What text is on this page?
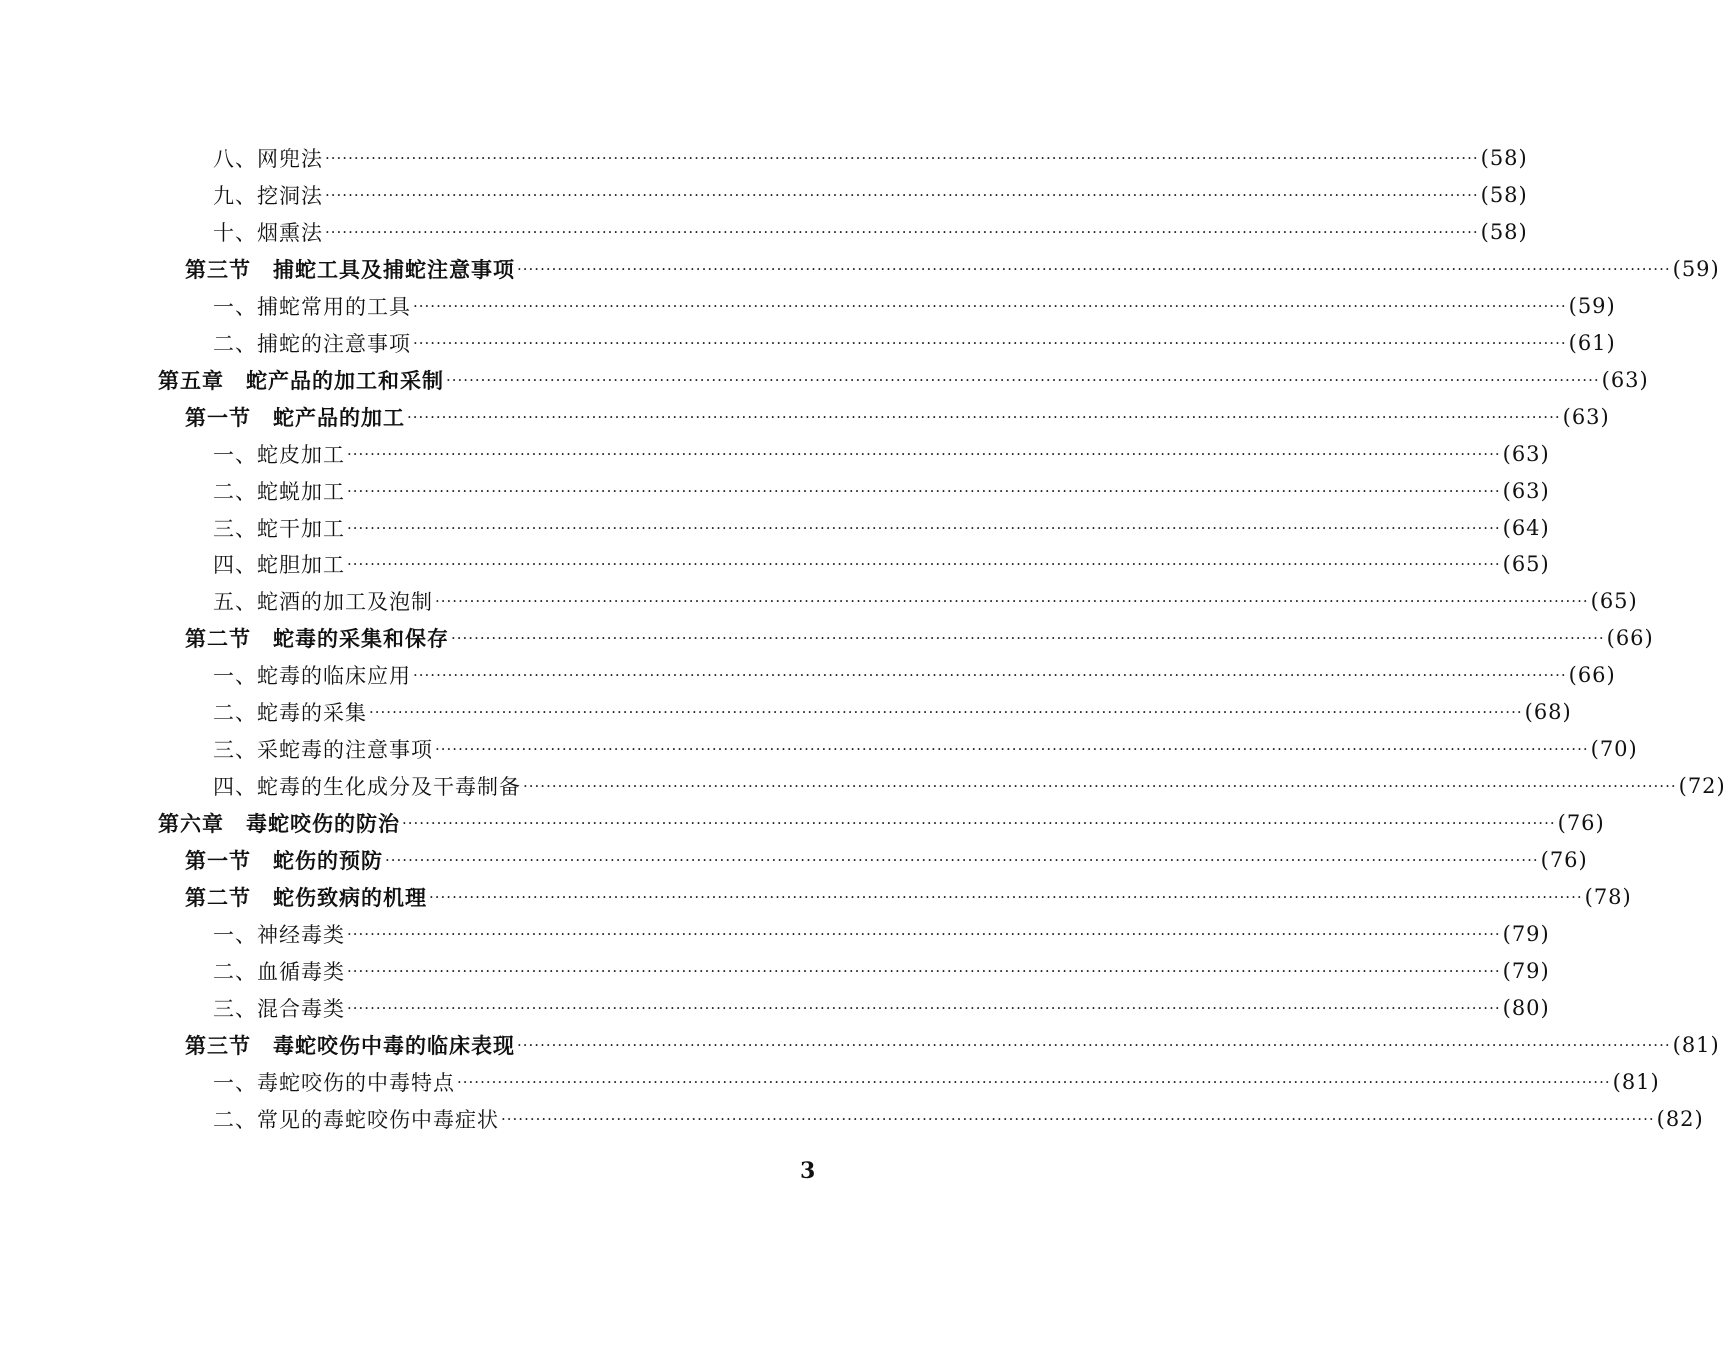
八、网兜法 ········································································································································································································ (58)
九、挖洞法 ········································································································································································································ (58)
十、烟熏法 ········································································································································································································ (58)
第三节　捕蛇工具及捕蛇注意事项 ········································································································································································································ (59)
一、捕蛇常用的工具 ········································································································································································································ (59)
二、捕蛇的注意事项 ········································································································································································································ (61)
第五章　蛇产品的加工和采制 ········································································································································································································ (63)
第一节　蛇产品的加工 ········································································································································································································ (63)
一、蛇皮加工 ········································································································································································································ (63)
二、蛇蜕加工 ········································································································································································································ (63)
三、蛇干加工 ········································································································································································································ (64)
四、蛇胆加工 ········································································································································································································ (65)
五、蛇酒的加工及泡制 ········································································································································································································ (65)
第二节　蛇毒的采集和保存 ········································································································································································································ (66)
一、蛇毒的临床应用 ········································································································································································································ (66)
二、蛇毒的采集 ········································································································································································································ (68)
三、采蛇毒的注意事项 ········································································································································································································ (70)
四、蛇毒的生化成分及干毒制备 ········································································································································································································ (72)
第六章　毒蛇咬伤的防治 ········································································································································································································ (76)
第一节　蛇伤的预防 ········································································································································································································ (76)
第二节　蛇伤致病的机理 ········································································································································································································ (78)
一、神经毒类 ········································································································································································································ (79)
二、血循毒类 ········································································································································································································ (79)
三、混合毒类 ········································································································································································································ (80)
第三节　毒蛇咬伤中毒的临床表现 ········································································································································································································ (81)
一、毒蛇咬伤的中毒特点 ········································································································································································································ (81)
二、常见的毒蛇咬伤中毒症状 ········································································································································································································ (82)
3
